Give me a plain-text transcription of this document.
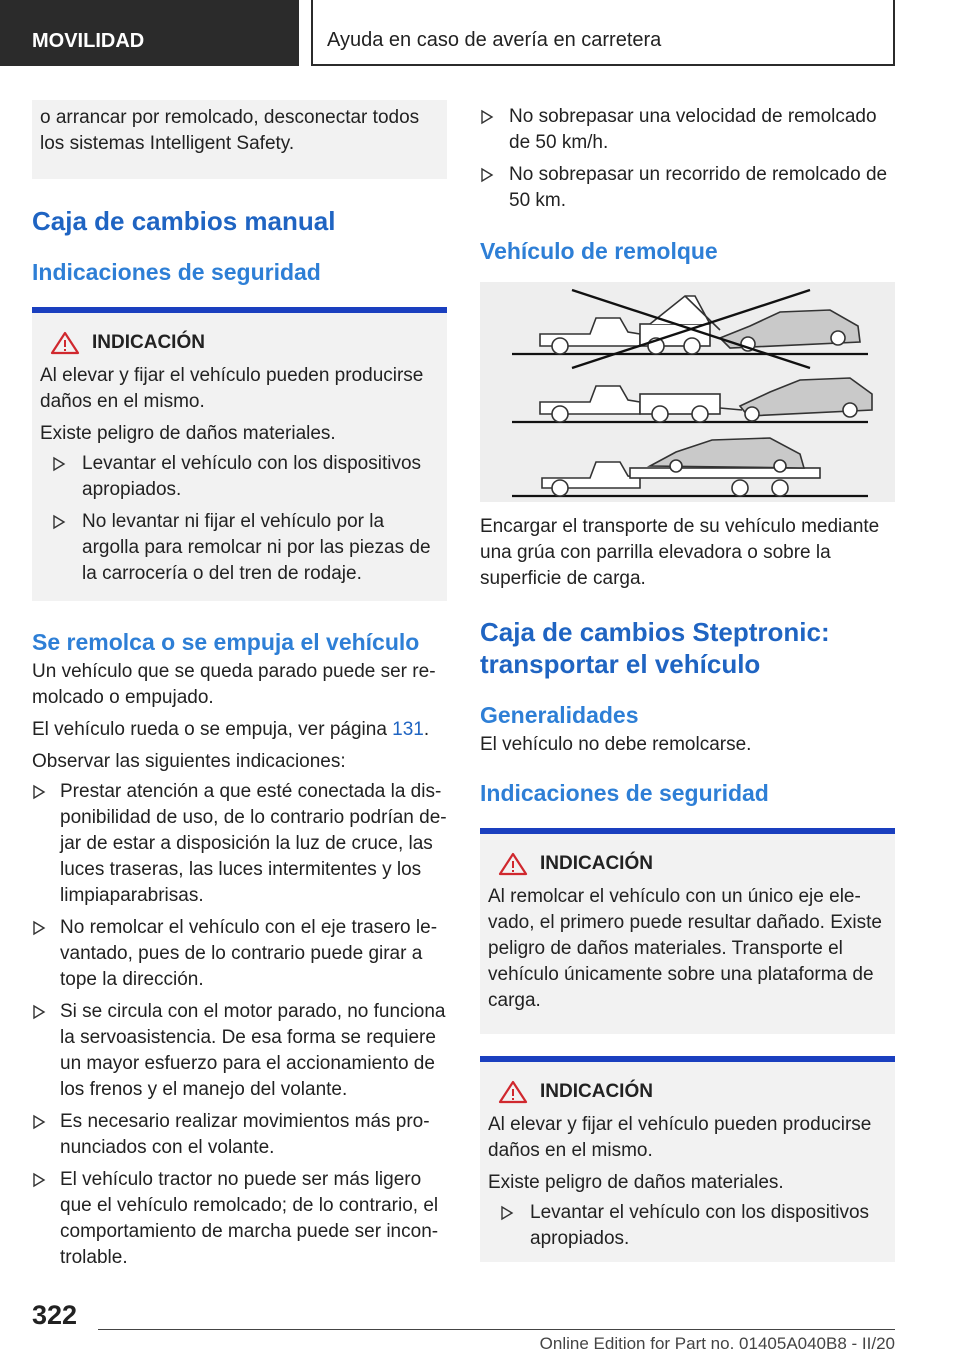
MOVILIDAD	Ayuda en caso de avería en carretera

o arrancar por remolcado, desconectar todos los sistemas Intelligent Safety.

Caja de cambios manual
Indicaciones de seguridad
INDICACIÓN

Al elevar y fijar el vehículo pueden producirse daños en el mismo.

Existe peligro de daños materiales.

Levantar el vehículo con los dispositivos apropiados.
No levantar ni fijar el vehículo por la argolla para remolcar ni por las piezas de la carrocería o del tren de rodaje.
Se remolca o se empuja el vehículo

Un vehículo que se queda parado puede ser remolcado o empujado.

El vehículo rueda o se empuja, ver página 131.

Observar las siguientes indicaciones:

Prestar atención a que esté conectada la disponibilidad de uso, de lo contrario podrían dejar de estar a disposición la luz de cruce, las luces traseras, las luces intermitentes y los limpiaparabrisas.
No remolcar el vehículo con el eje trasero levantado, pues de lo contrario puede girar a tope la dirección.
Si se circula con el motor parado, no funciona la servoasistencia. De esa forma se requiere un mayor esfuerzo para el accionamiento de los frenos y el manejo del volante.
Es necesario realizar movimientos más pronunciados con el volante.
El vehículo tractor no puede ser más ligero que el vehículo remolcado; de lo contrario, el comportamiento de marcha puede ser incontrolable.
No sobrepasar una velocidad de remolcado de 50 km/h.
No sobrepasar un recorrido de remolcado de 50 km.
Vehículo de remolque

Encargar el transporte de su vehículo mediante una grúa con parrilla elevadora o sobre la superficie de carga.

Caja de cambios Steptronic: transportar el vehículo
Generalidades

El vehículo no debe remolcarse.

Indicaciones de seguridad
INDICACIÓN

Al remolcar el vehículo con un único eje elevado, el primero puede resultar dañado. Existe peligro de daños materiales. Transporte el vehículo únicamente sobre una plataforma de carga.

INDICACIÓN

Al elevar y fijar el vehículo pueden producirse daños en el mismo.

Existe peligro de daños materiales.

Levantar el vehículo con los dispositivos apropiados.
322
Online Edition for Part no. 01405A040B8 - II/20
